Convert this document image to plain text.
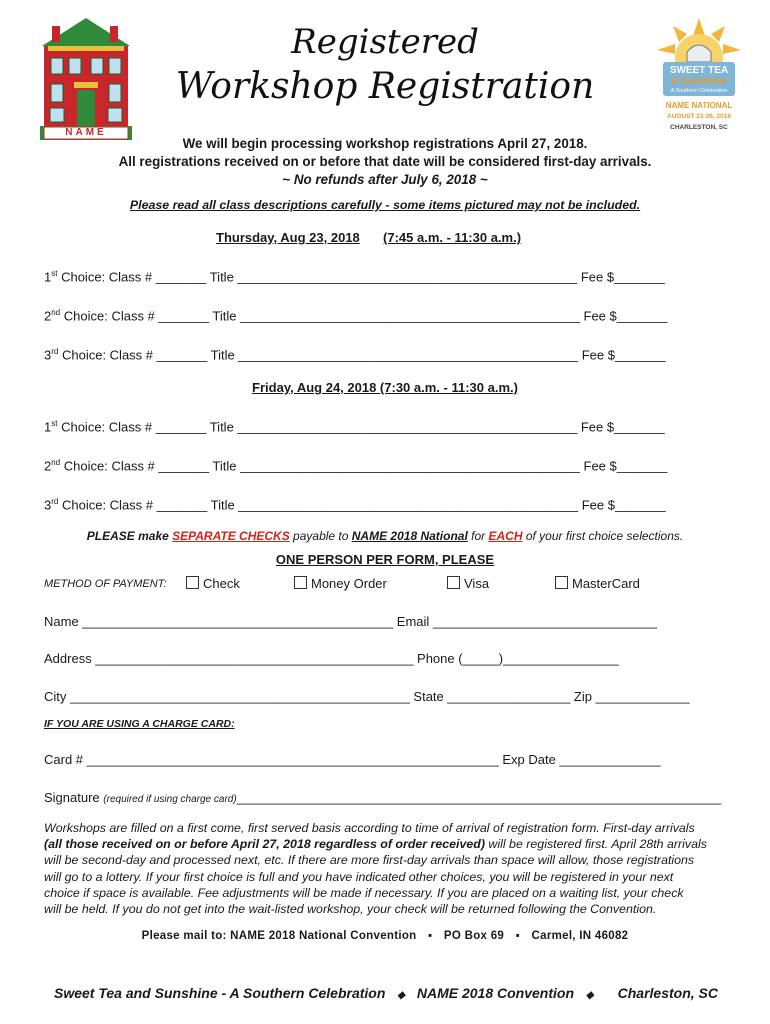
NAME
SWEET TEA
& Sunshine
A Southern Celebration
NAME NATIONAL
AUGUST 23-26, 2018
CHARLESTON, SC
Registered
Workshop Registration
We will begin processing workshop registrations April 27, 2018.
All registrations received on or before that date will be considered first-day arrivals.
~ No refunds after July 6, 2018 ~
Please read all class descriptions carefully - some items pictured may not be included.
Thursday, Aug 23, 2018 (7:45 a.m. - 11:30 a.m.)
1st Choice: Class # _______ Title _______________________________________________ Fee $_______
2nd Choice: Class # _______ Title _______________________________________________ Fee $_______
3rd Choice: Class # _______ Title _______________________________________________ Fee $_______
Friday, Aug 24, 2018 (7:30 a.m. - 11:30 a.m.)
1st Choice: Class # _______ Title _______________________________________________ Fee $_______
2nd Choice: Class # _______ Title _______________________________________________ Fee $_______
3rd Choice: Class # _______ Title _______________________________________________ Fee $_______
PLEASE make SEPARATE CHECKS payable to NAME 2018 National for EACH of your first choice selections.
ONE PERSON PER FORM, PLEASE
METHOD OF PAYMENT:	Check	Money Order	Visa	MasterCard
Name ___________________________________________ Email _______________________________
Address ____________________________________________ Phone (_____)________________
City _______________________________________________ State _________________ Zip _____________
IF YOU ARE USING A CHARGE CARD:
Card # _________________________________________________________ Exp Date ______________
Signature (required if using charge card)___________________________________________________________________
Workshops are filled on a first come, first served basis according to time of arrival of registration form. First-day arrivals
(all those received on or before April 27, 2018 regardless of order received) will be registered first. April 28th arrivals
will be second-day and processed next, etc. If there are more first-day arrivals than space will allow, those registrations
will go to a lottery. If your first choice is full and you have indicated other choices, you will be registered in your next
choice if space is available. Fee adjustments will be made if necessary. If you are placed on a waiting list, your check
will be held. If you do not get into the wait-listed workshop, your check will be returned following the Convention.
Please mail to: NAME 2018 National Convention ▪ PO Box 69 ▪ Carmel, IN 46082
Sweet Tea and Sunshine - A Southern Celebration ◆ NAME 2018 Convention ◆ Charleston, SC
